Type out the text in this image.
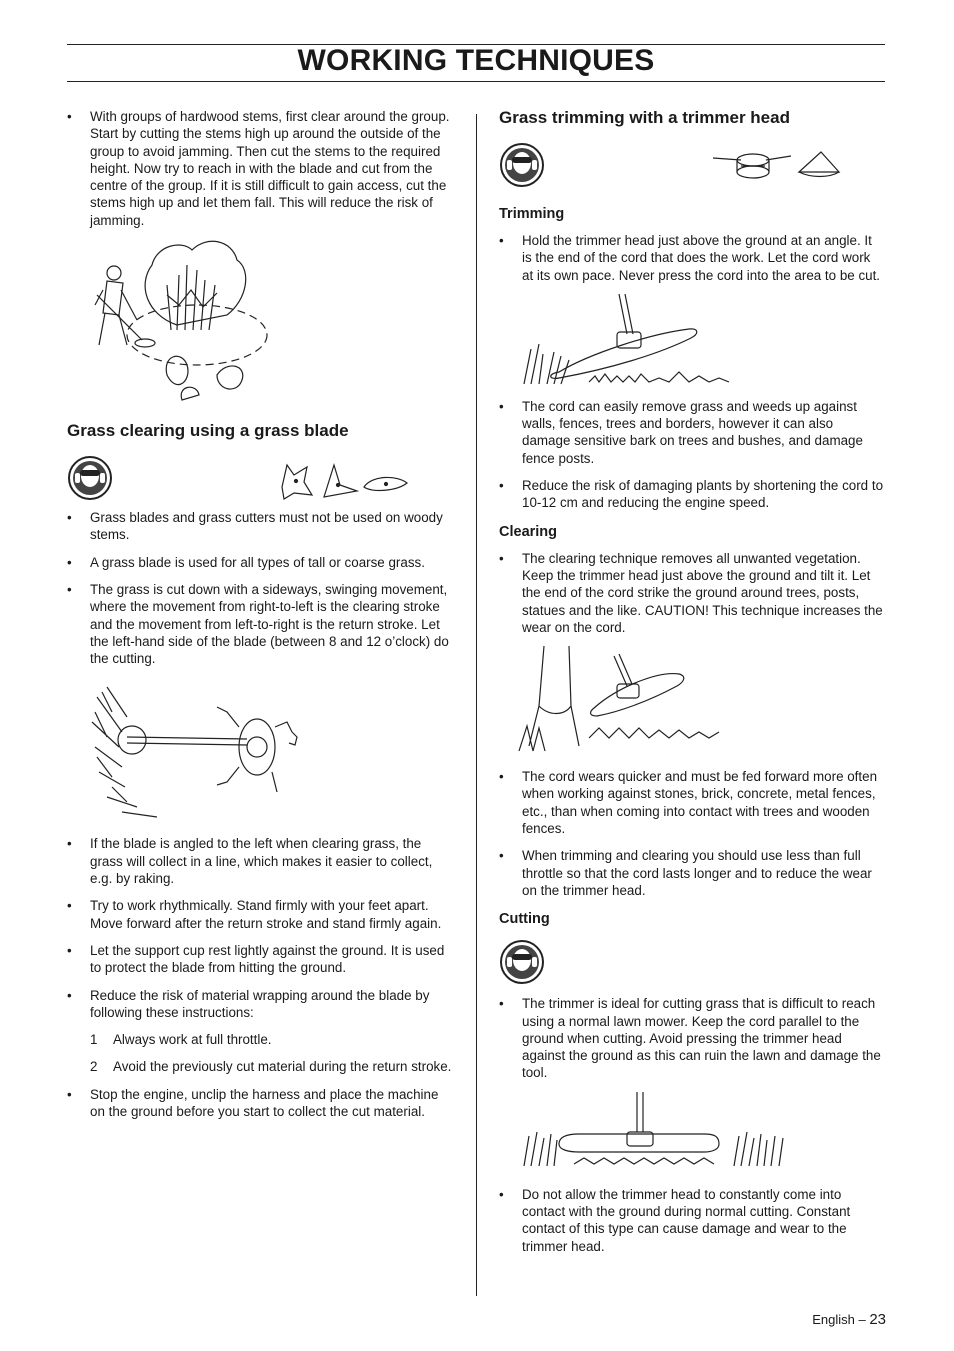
WORKING TECHNIQUES
• With groups of hardwood stems, first clear around the group. Start by cutting the stems high up around the outside of the group to avoid jamming. Then cut the stems to the required height. Now try to reach in with the blade and cut from the centre of the group. If it is still difficult to gain access, cut the stems high up and let them fall. This will reduce the risk of jamming.
Grass clearing using a grass blade
• Grass blades and grass cutters must not be used on woody stems.
• A grass blade is used for all types of tall or coarse grass.
• The grass is cut down with a sideways, swinging movement, where the movement from right-to-left is the clearing stroke and the movement from left-to-right is the return stroke. Let the left-hand side of the blade (between 8 and 12 o’clock) do the cutting.
• If the blade is angled to the left when clearing grass, the grass will collect in a line, which makes it easier to collect, e.g. by raking.
• Try to work rhythmically. Stand firmly with your feet apart. Move forward after the return stroke and stand firmly again.
• Let the support cup rest lightly against the ground. It is used to protect the blade from hitting the ground.
• Reduce the risk of material wrapping around the blade by following these instructions:
1 Always work at full throttle.
2 Avoid the previously cut material during the return stroke.
• Stop the engine, unclip the harness and place the machine on the ground before you start to collect the cut material.
Grass trimming with a trimmer head
Trimming
• Hold the trimmer head just above the ground at an angle. It is the end of the cord that does the work. Let the cord work at its own pace. Never press the cord into the area to be cut.
• The cord can easily remove grass and weeds up against walls, fences, trees and borders, however it can also damage sensitive bark on trees and bushes, and damage fence posts.
• Reduce the risk of damaging plants by shortening the cord to 10-12 cm and reducing the engine speed.
Clearing
• The clearing technique removes all unwanted vegetation. Keep the trimmer head just above the ground and tilt it. Let the end of the cord strike the ground around trees, posts, statues and the like. CAUTION! This technique increases the wear on the cord.
• The cord wears quicker and must be fed forward more often when working against stones, brick, concrete, metal fences, etc., than when coming into contact with trees and wooden fences.
• When trimming and clearing you should use less than full throttle so that the cord lasts longer and to reduce the wear on the trimmer head.
Cutting
• The trimmer is ideal for cutting grass that is difficult to reach using a normal lawn mower. Keep the cord parallel to the ground when cutting. Avoid pressing the trimmer head against the ground as this can ruin the lawn and damage the tool.
• Do not allow the trimmer head to constantly come into contact with the ground during normal cutting. Constant contact of this type can cause damage and wear to the trimmer head.
English – 23
